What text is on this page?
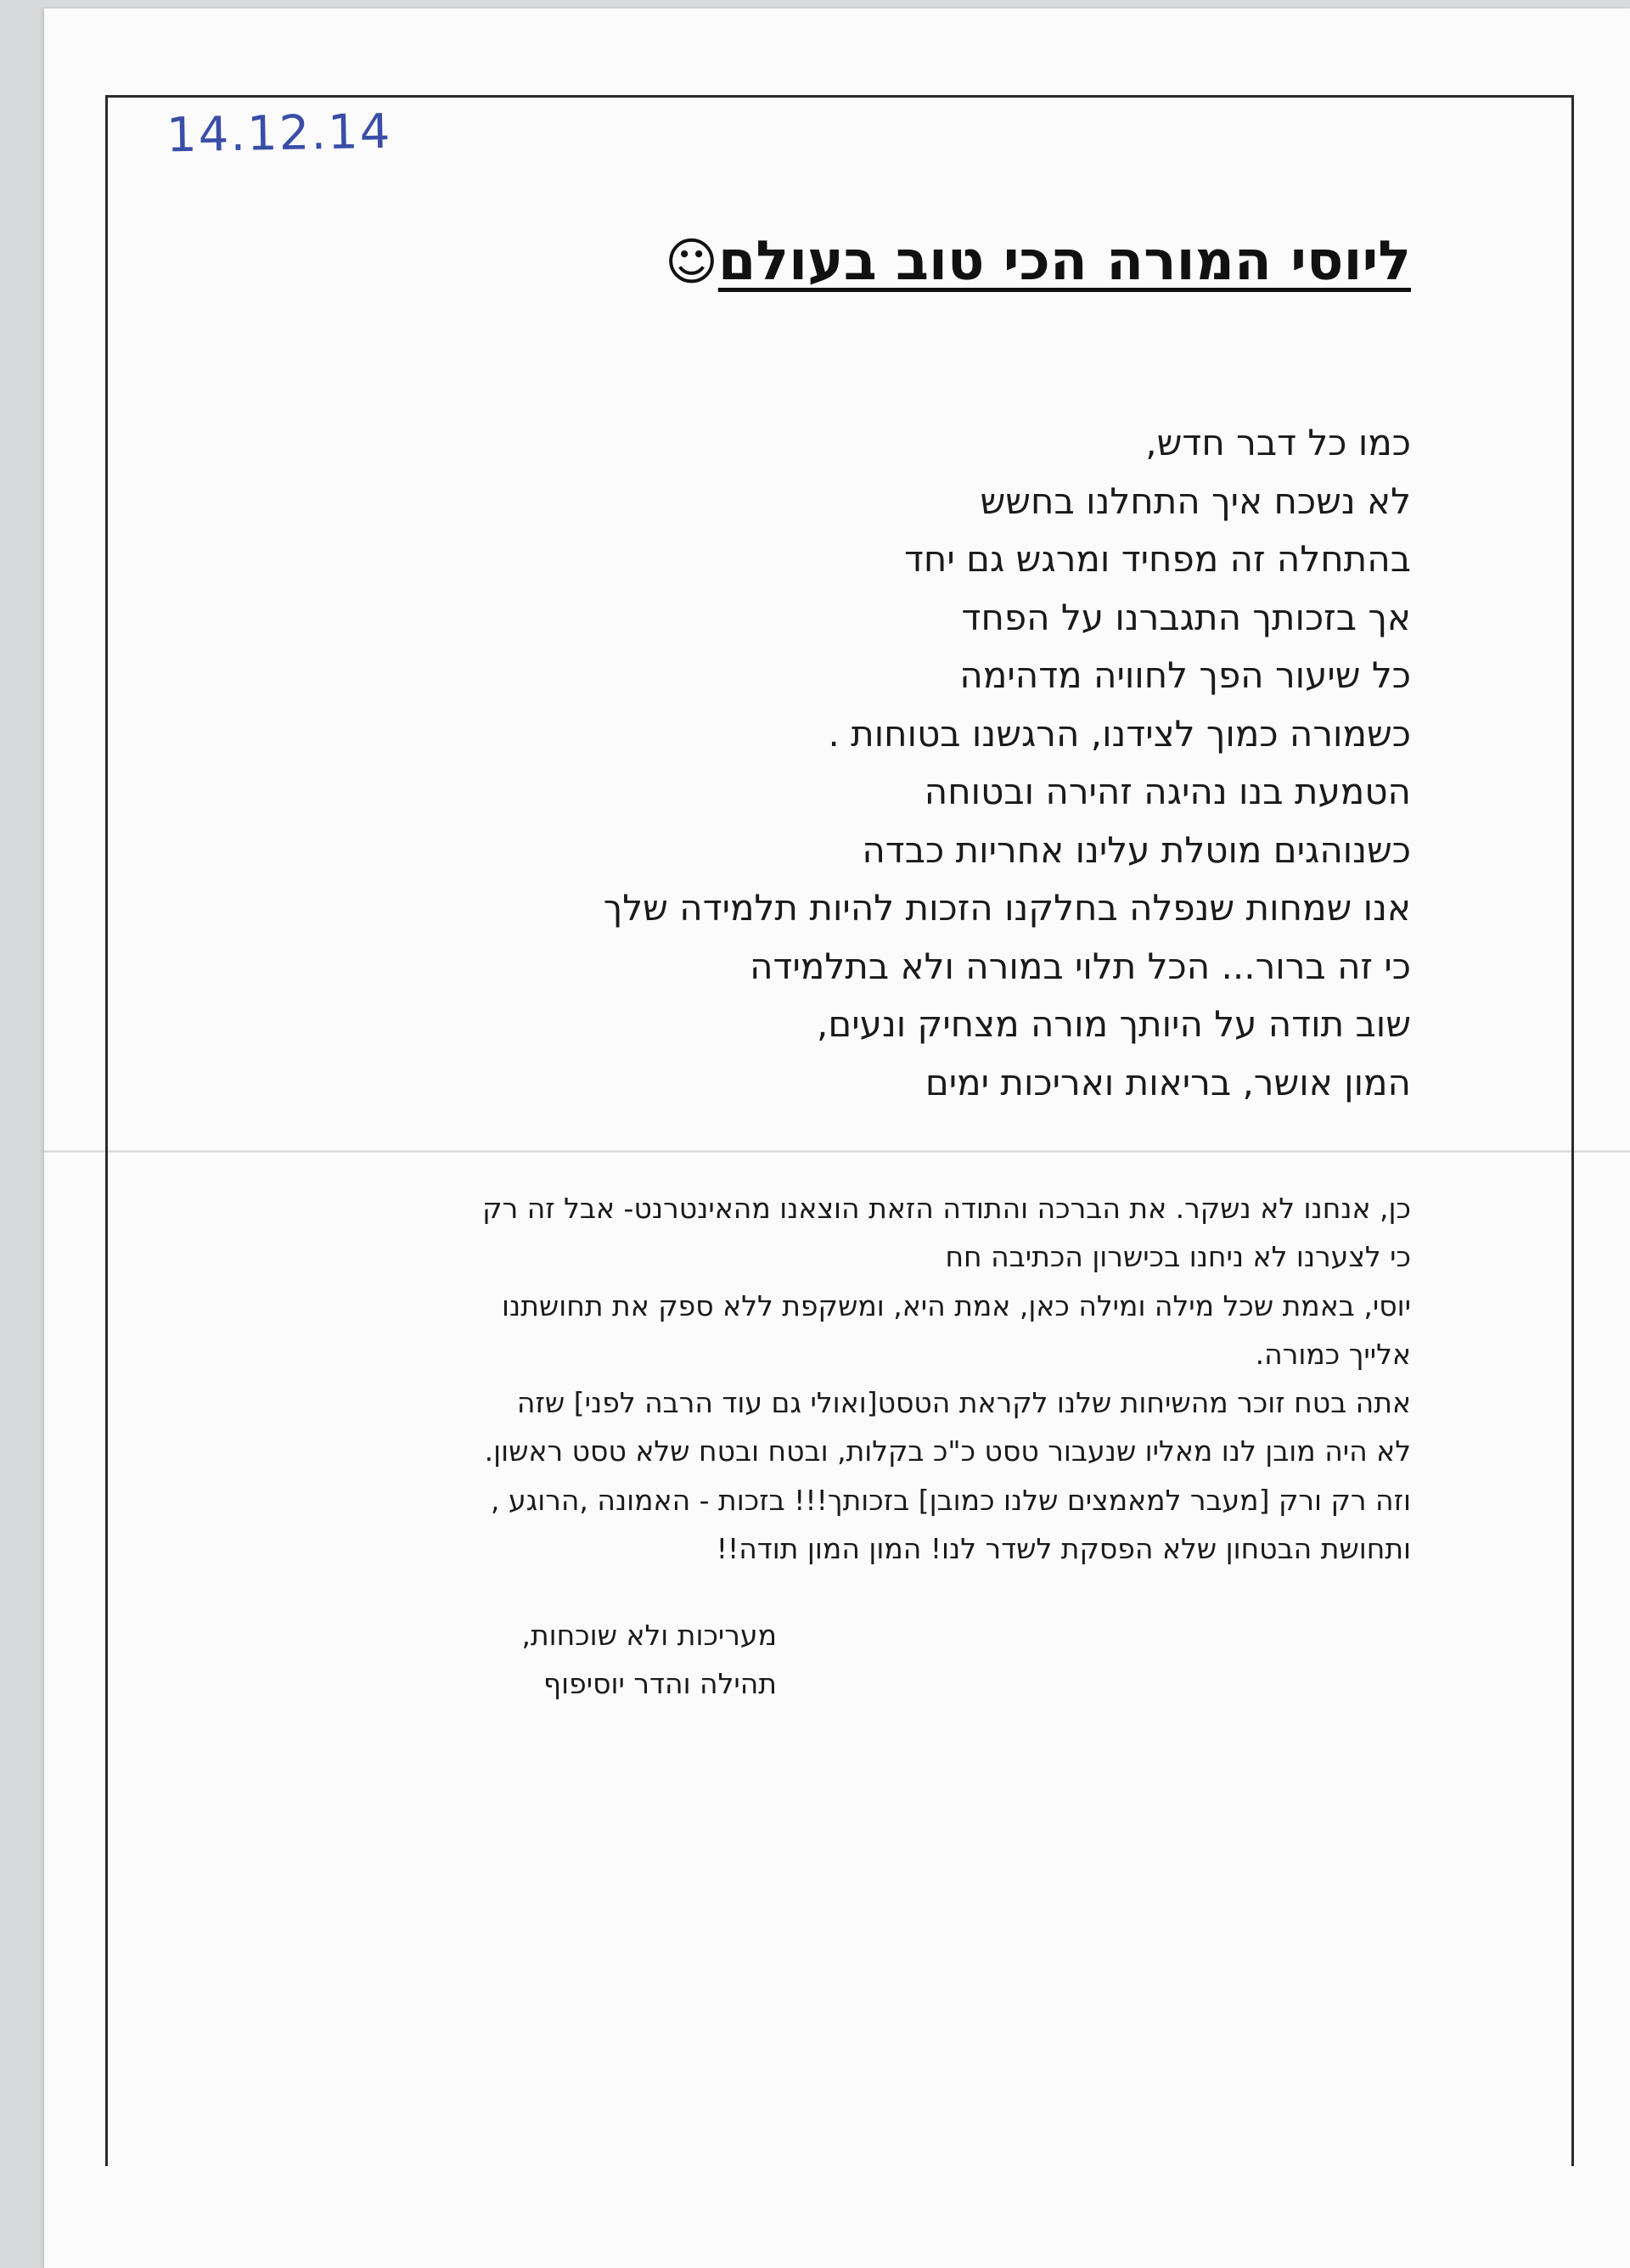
14.12.14
ליוסי המורה הכי טוב בעולם☺
כמו כל דבר חדש,
לא נשכח איך התחלנו בחשש
בהתחלה זה מפחיד ומרגש גם יחד
אך בזכותך התגברנו על הפחד
כל שיעור הפך לחוויה מדהימה
כשמורה כמוך לצידנו, הרגשנו בטוחות .
הטמעת בנו נהיגה זהירה ובטוחה
כשנוהגים מוטלת עלינו אחריות כבדה
אנו שמחות שנפלה בחלקנו הזכות להיות תלמידה שלך
כי זה ברור... הכל תלוי במורה ולא בתלמידה
שוב תודה על היותך מורה מצחיק ונעים,
המון אושר, בריאות ואריכות ימים
כן, אנחנו לא נשקר. את הברכה והתודה הזאת הוצאנו מהאינטרנט- אבל זה רק
כי לצערנו לא ניחנו בכישרון הכתיבה חח
יוסי, באמת שכל מילה ומילה כאן, אמת היא, ומשקפת ללא ספק את תחושתנו
אלייך כמורה.
אתה בטח זוכר מהשיחות שלנו לקראת הטסט[ואולי גם עוד הרבה לפני] שזה
לא היה מובן לנו מאליו שנעבור טסט כ"כ בקלות, ובטח ובטח שלא טסט ראשון.
וזה רק ורק [מעבר למאמצים שלנו כמובן] בזכותך!!! בזכות - האמונה ,הרוגע ,
ותחושת הבטחון שלא הפסקת לשדר לנו! המון המון תודה!!
מעריכות ולא שוכחות,
תהילה והדר יוסיפוף
